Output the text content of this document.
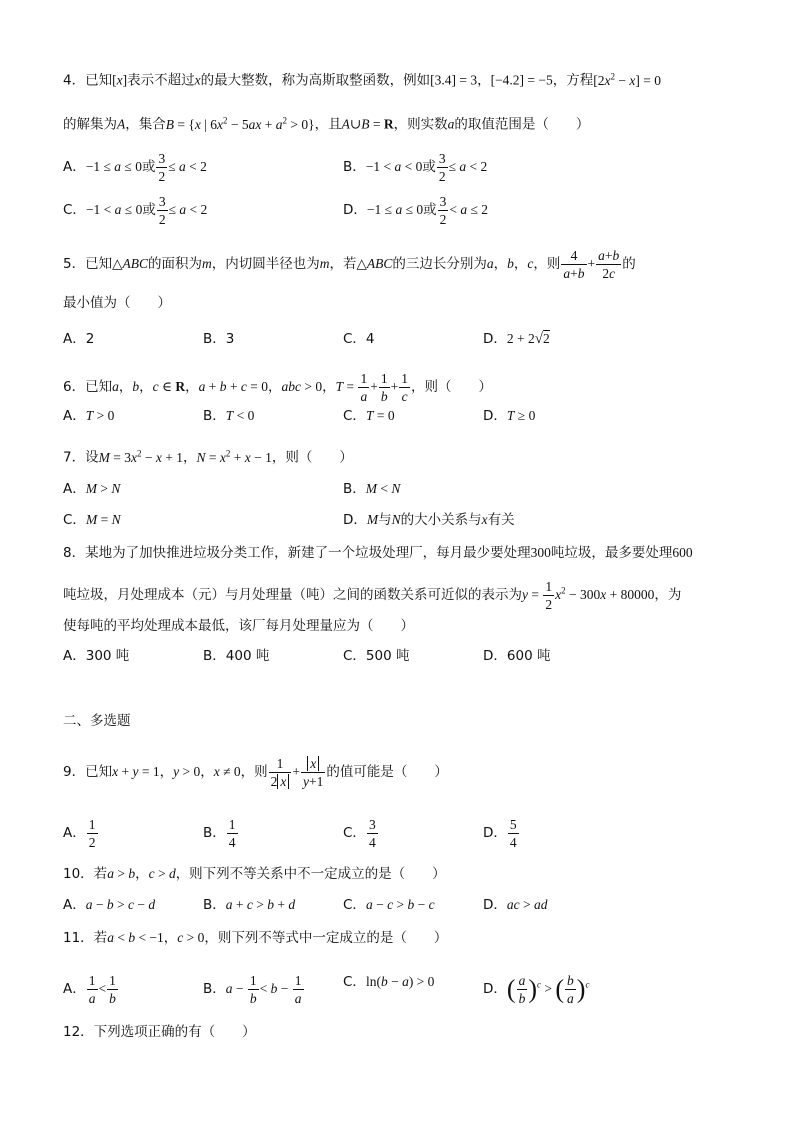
4．已知[x]表示不超过x的最大整数，称为高斯取整函数，例如[3.4] = 3，[−4.2] = −5，方程$[2x^2 - x] = 0$
的解集为A，集合B = {x | $6x^2 - 5ax + a^2 > 0$}，且A∪B = R，则实数a的取值范围是（　　）
A．−1 ≤ a ≤ 0或 $\frac{3}{2} \le a < 2$	B．−1 < a < 0或 $\frac{3}{2} \le a < 2$
C．−1 < a ≤ 0或 $\frac{3}{2} \le a < 2$	D．−1 ≤ a ≤ 0或 $\frac{3}{2} < a \le 2$
5．已知△ABC的面积为m，内切圆半径也为m，若△ABC的三边长分别为a，b，c，则 $\frac{4}{a+b} + \frac{a+b}{2c}$ 的
最小值为（　　）
A．2	B．3	C．4	D．2 + 2√2
6．已知a，b，c ∈ R，a + b + c = 0，abc > 0，$T = \frac{1}{a} + \frac{1}{b} + \frac{1}{c}$ ，则（　　）
A．T > 0	B．T < 0	C．T = 0	D．T ≥ 0
7．设$M = 3x^2 - x + 1$，$N = x^2 + x - 1$，则（　　）
A．M > N	B．M < N
C．M = N	D．M与N的大小关系与x有关
8．某地为了加快推进垃圾分类工作，新建了一个垃圾处理厂，每月最少要处理300吨垃圾，最多要处理600
吨垃圾，月处理成本（元）与月处理量（吨）之间的函数关系可近似的表示为$y = \frac{1}{2} x^2 - 300x + 80000$，为
使每吨的平均处理成本最低，该厂每月处理量应为（　　）
A．300 吨	B．400 吨	C．500 吨	D．600 吨
二、多选题
9．已知x + y = 1，y > 0，x ≠ 0，则 $\frac{1}{2 x} + \frac{x}{y+1}$ 的值可能是（　　）
A． $\frac{1}{2}$	B． $\frac{1}{4}$	C． $\frac{3}{4}$	D． $\frac{5}{4}$
10．若a > b，c > d，则下列不等关系中不一定成立的是（　　）
A．a − b > c − d	B．a + c > b + d	C．a − c > b − c	D．ac > ad
11．若a < b < −1，c > 0，则下列不等式中一定成立的是（　　）
A． $\frac{1}{a} < \frac{1}{b}$	B．$a - \frac{1}{b} < b - \frac{1}{a}$	C．ln(b − a) > 0	D．( $\frac{a}{b} )^c$ > ( $\frac{b}{a} )^c$
12．下列选项正确的有（　　）
